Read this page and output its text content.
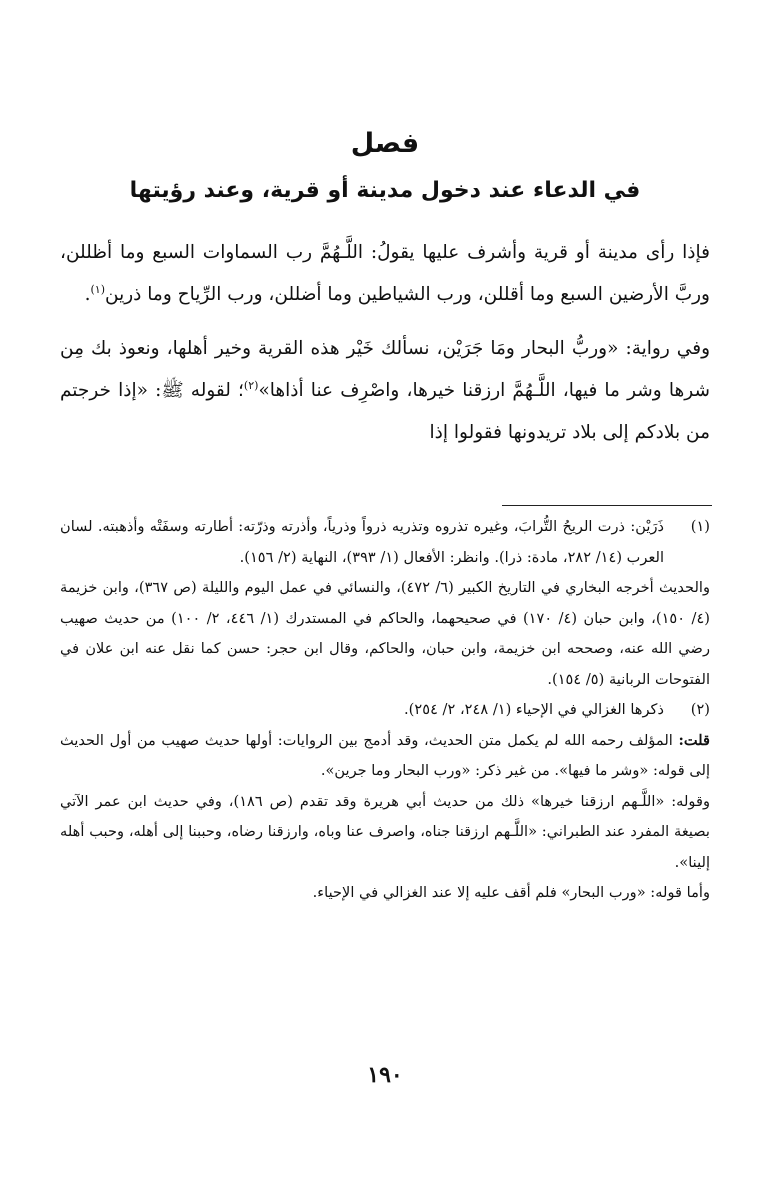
فصل
في الدعاء عند دخول مدينة أو قرية، وعند رؤيتها

فإذا رأى مدينة أو قرية وأشرف عليها يقولُ: اللَّـهُمَّ رب السماوات السبع وما أظللن، وربَّ الأرضين السبع وما أقللن، ورب الشياطين وما أضللن، ورب الرِّياح وما ذرين$^{(١)}$.

وفي رواية: «وربُّ البحار ومَا جَرَيْن، نسألك خَيْر هذه القرية وخير أهلها، ونعوذ بك مِن شرها وشر ما فيها، اللَّـهُمَّ ارزقنا خيرها، واصْرِف عنا أذاها»$^{(٢)}$؛ لقوله ﷺ: «إذا خرجتم من بلادكم إلى بلاد تريدونها فقولوا إذا

(١)

ذَرَيْن: ذرت الريحُ التُّرابَ، وغيره تذروه وتذريه ذرواً وذرياً، وأذرته وذرّته: أطارته وسفَتْه وأذهبته. لسان العرب (١٤/ ٢٨٢، مادة: ذرا). وانظر: الأفعال (١/ ٣٩٣)، النهاية (٢/ ١٥٦).

والحديث أخرجه البخاري في التاريخ الكبير (٦/ ٤٧٢)، والنسائي في عمل اليوم والليلة (ص ٣٦٧)، وابن خزيمة (٤/ ١٥٠)، وابن حبان (٤/ ١٧٠) في صحيحهما، والحاكم في المستدرك (١/ ٤٤٦، ٢/ ١٠٠) من حديث صهيب رضي الله عنه، وصححه ابن خزيمة، وابن حبان، والحاكم، وقال ابن حجر: حسن كما نقل عنه ابن علان في الفتوحات الربانية (٥/ ١٥٤).

(٢)

ذكرها الغزالي في الإحياء (١/ ٢٤٨، ٢/ ٢٥٤).

قلت: المؤلف رحمه الله لم يكمل متن الحديث، وقد أدمج بين الروايات: أولها حديث صهيب من أول الحديث إلى قوله: «وشر ما فيها». من غير ذكر: «ورب البحار وما جرين».

وقوله: «اللَّـهم ارزقنا خيرها» ذلك من حديث أبي هريرة وقد تقدم (ص ١٨٦)، وفي حديث ابن عمر الآتي بصيغة المفرد عند الطبراني: «اللَّـهم ارزقنا جناه، واصرف عنا وباه، وارزقنا رضاه، وحببنا إلى أهله، وحبب أهله إلينا».

وأما قوله: «ورب البحار» فلم أقف عليه إلا عند الغزالي في الإحياء.

١٩٠
